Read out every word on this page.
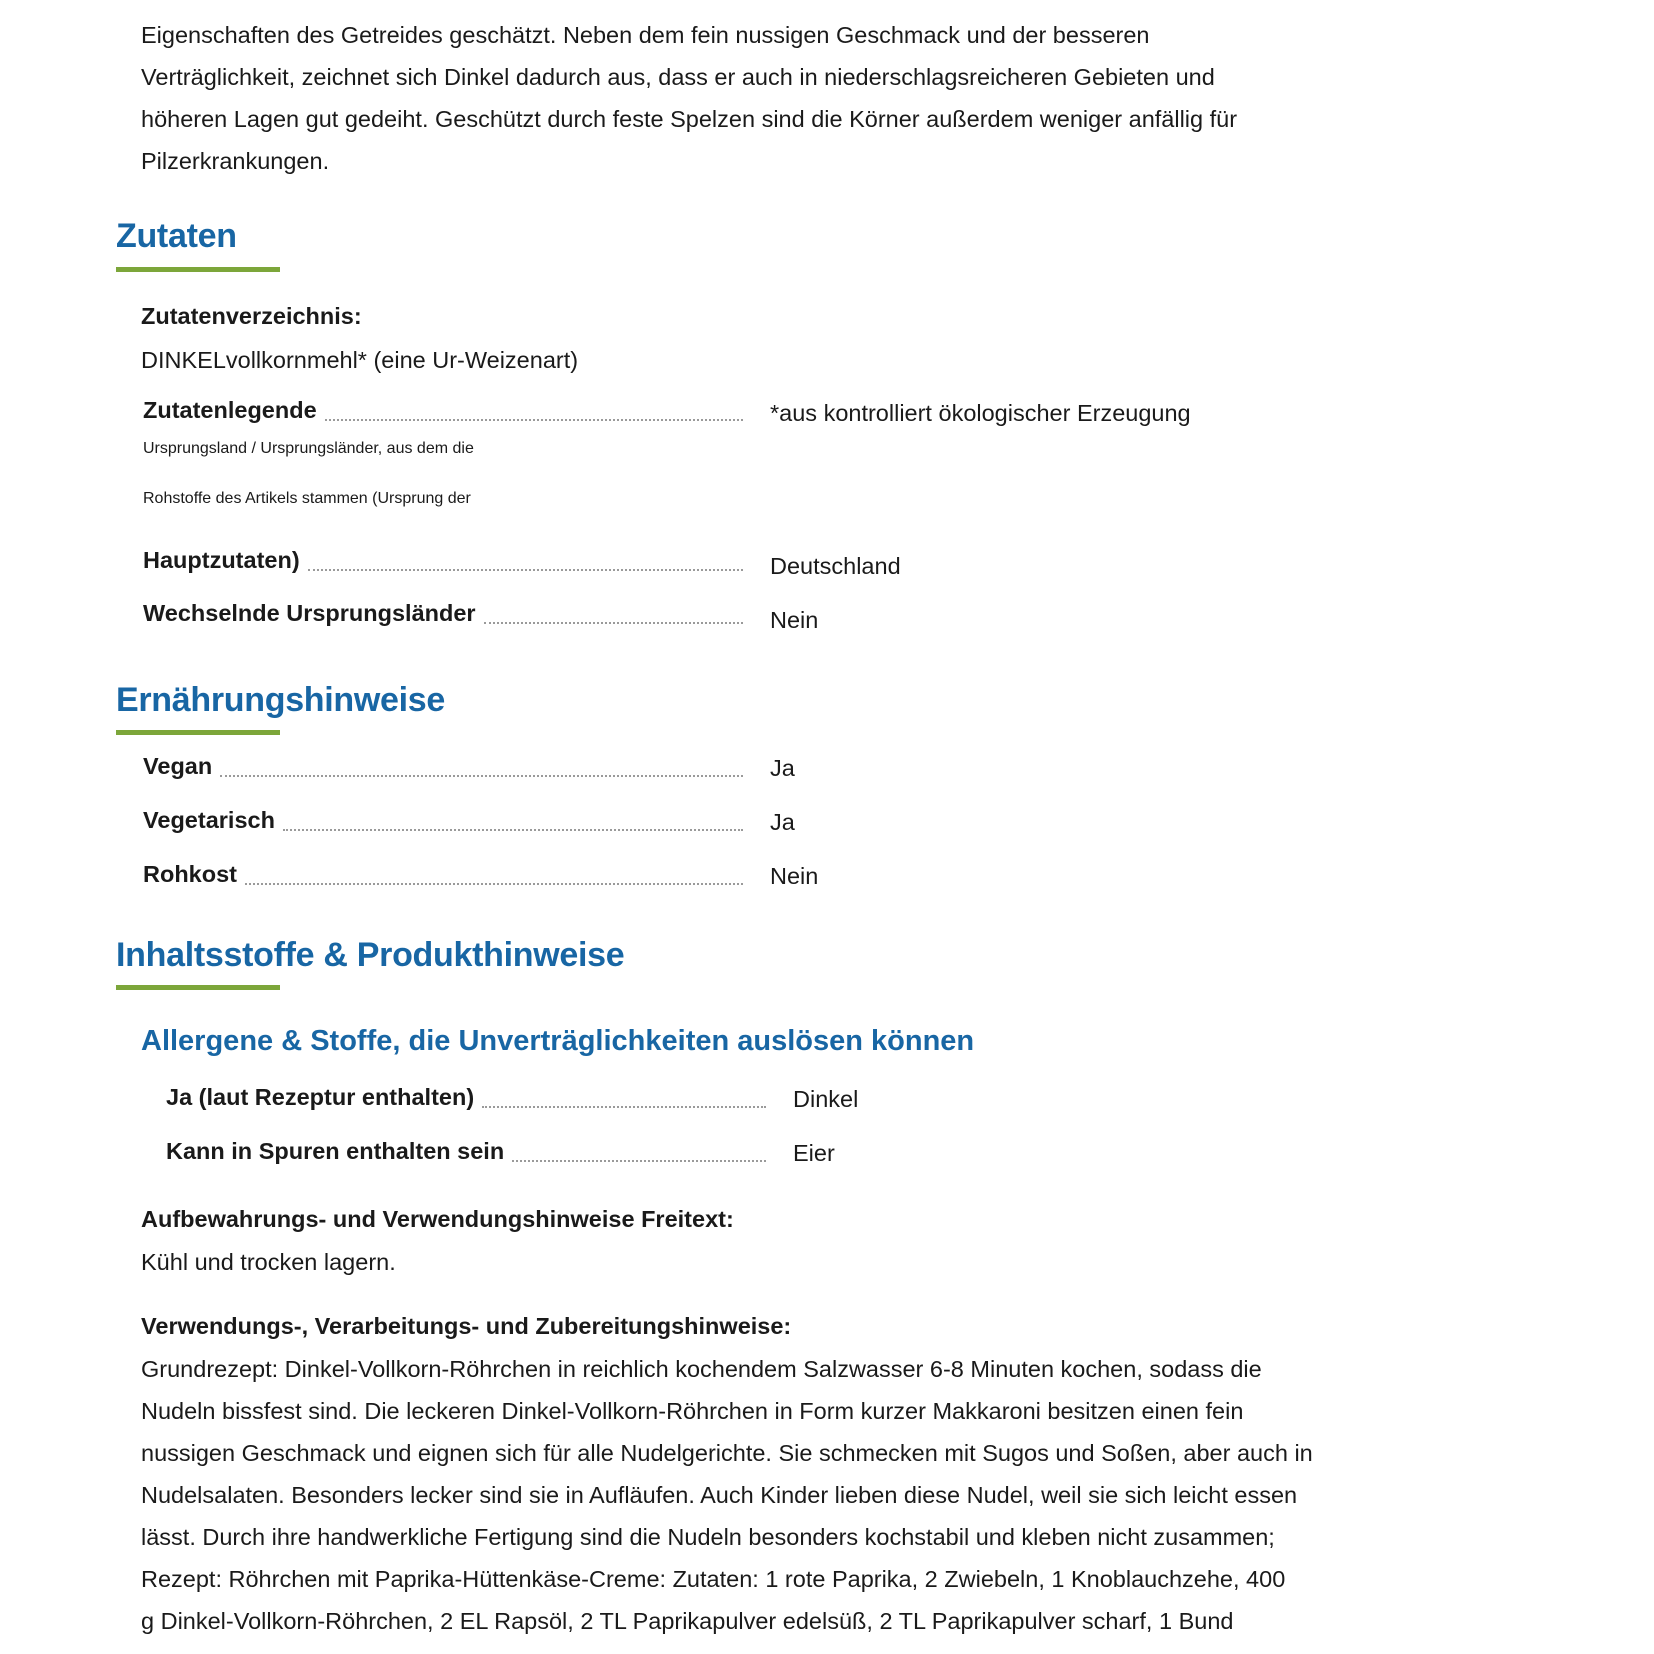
Eigenschaften des Getreides geschätzt. Neben dem fein nussigen Geschmack und der besseren

Verträglichkeit, zeichnet sich Dinkel dadurch aus, dass er auch in niederschlagsreicheren Gebieten und

höheren Lagen gut gedeiht. Geschützt durch feste Spelzen sind die Körner außerdem weniger anfällig für

Pilzerkrankungen.

Zutaten

Zutatenverzeichnis:

DINKELvollkornmehl* (eine Ur-Weizenart)

Zutatenlegende	*aus kontrolliert ökologischer Erzeugung
Ursprungsland / Ursprungsländer, aus dem die
Rohstoffe des Artikels stammen (Ursprung der
Hauptzutaten)	Deutschland
Wechselnde Ursprungsländer	Nein
Ernährungshinweise
Vegan	Ja
Vegetarisch	Ja
Rohkost	Nein
Inhaltsstoffe & Produkthinweise
Allergene & Stoffe, die Unverträglichkeiten auslösen können
Ja (laut Rezeptur enthalten)	Dinkel
Kann in Spuren enthalten sein	Eier

Aufbewahrungs- und Verwendungshinweise Freitext:

Kühl und trocken lagern.

Verwendungs-, Verarbeitungs- und Zubereitungshinweise:

Grundrezept: Dinkel-Vollkorn-Röhrchen in reichlich kochendem Salzwasser 6-8 Minuten kochen, sodass die

Nudeln bissfest sind. Die leckeren Dinkel-Vollkorn-Röhrchen in Form kurzer Makkaroni besitzen einen fein

nussigen Geschmack und eignen sich für alle Nudelgerichte. Sie schmecken mit Sugos und Soßen, aber auch in

Nudelsalaten. Besonders lecker sind sie in Aufläufen. Auch Kinder lieben diese Nudel, weil sie sich leicht essen

lässt. Durch ihre handwerkliche Fertigung sind die Nudeln besonders kochstabil und kleben nicht zusammen;

Rezept: Röhrchen mit Paprika-Hüttenkäse-Creme: Zutaten: 1 rote Paprika, 2 Zwiebeln, 1 Knoblauchzehe, 400

g Dinkel-Vollkorn-Röhrchen, 2 EL Rapsöl, 2 TL Paprikapulver edelsüß, 2 TL Paprikapulver scharf, 1 Bund
